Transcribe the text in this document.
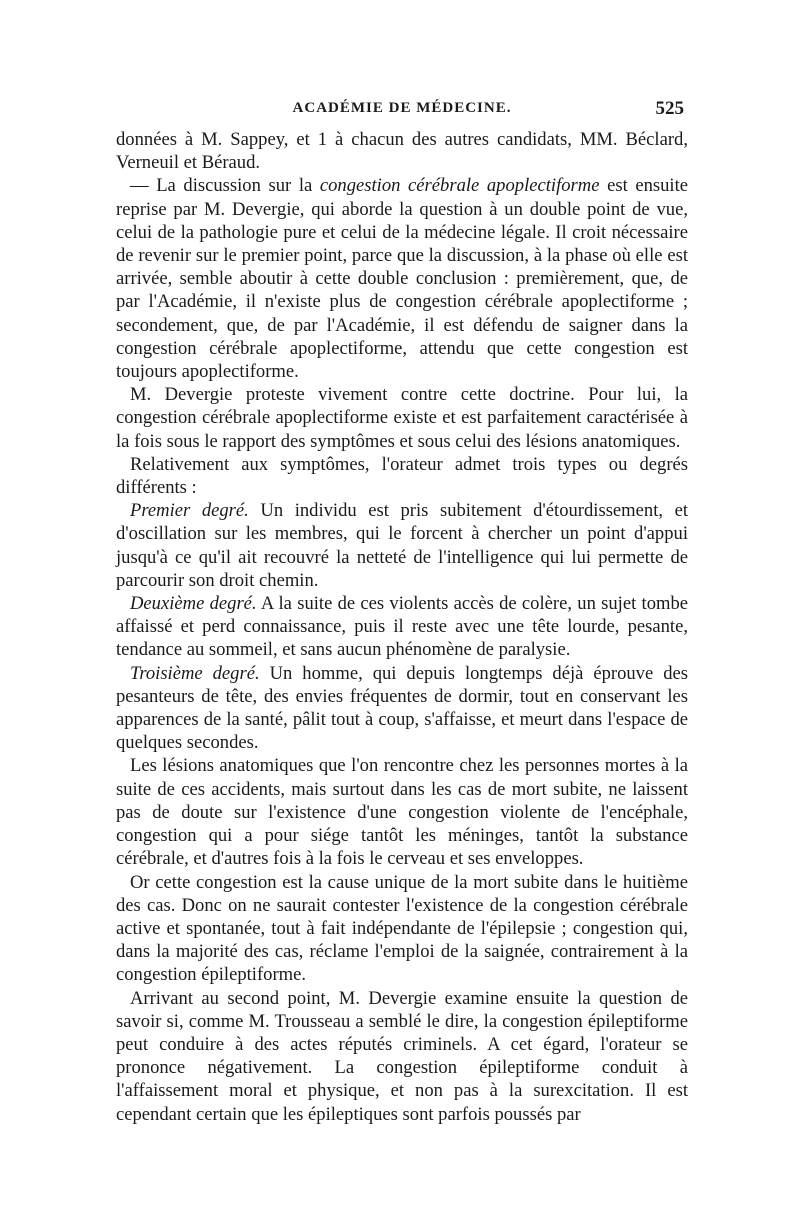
ACADÉMIE DE MÉDECINE.	525

données à M. Sappey, et 1 à chacun des autres candidats, MM. Béclard, Verneuil et Béraud.

— La discussion sur la congestion cérébrale apoplectiforme est ensuite reprise par M. Devergie, qui aborde la question à un double point de vue, celui de la pathologie pure et celui de la médecine légale. Il croit nécessaire de revenir sur le premier point, parce que la discussion, à la phase où elle est arrivée, semble aboutir à cette double conclusion : premièrement, que, de par l'Académie, il n'existe plus de congestion cérébrale apoplectiforme ; secondement, que, de par l'Académie, il est défendu de saigner dans la congestion cérébrale apoplectiforme, attendu que cette congestion est toujours apoplectiforme.

M. Devergie proteste vivement contre cette doctrine. Pour lui, la congestion cérébrale apoplectiforme existe et est parfaitement caractérisée à la fois sous le rapport des symptômes et sous celui des lésions anatomiques.

Relativement aux symptômes, l'orateur admet trois types ou degrés différents :

Premier degré. Un individu est pris subitement d'étourdissement, et d'oscillation sur les membres, qui le forcent à chercher un point d'appui jusqu'à ce qu'il ait recouvré la netteté de l'intelligence qui lui permette de parcourir son droit chemin.

Deuxième degré. A la suite de ces violents accès de colère, un sujet tombe affaissé et perd connaissance, puis il reste avec une tête lourde, pesante, tendance au sommeil, et sans aucun phénomène de paralysie.

Troisième degré. Un homme, qui depuis longtemps déjà éprouve des pesanteurs de tête, des envies fréquentes de dormir, tout en conservant les apparences de la santé, pâlit tout à coup, s'affaisse, et meurt dans l'espace de quelques secondes.

Les lésions anatomiques que l'on rencontre chez les personnes mortes à la suite de ces accidents, mais surtout dans les cas de mort subite, ne laissent pas de doute sur l'existence d'une congestion violente de l'encéphale, congestion qui a pour siége tantôt les méninges, tantôt la substance cérébrale, et d'autres fois à la fois le cerveau et ses enveloppes.

Or cette congestion est la cause unique de la mort subite dans le huitième des cas. Donc on ne saurait contester l'existence de la congestion cérébrale active et spontanée, tout à fait indépendante de l'épilepsie ; congestion qui, dans la majorité des cas, réclame l'emploi de la saignée, contrairement à la congestion épileptiforme.

Arrivant au second point, M. Devergie examine ensuite la question de savoir si, comme M. Trousseau a semblé le dire, la congestion épileptiforme peut conduire à des actes réputés criminels. A cet égard, l'orateur se prononce négativement. La congestion épileptiforme conduit à l'affaissement moral et physique, et non pas à la surexcitation. Il est cependant certain que les épileptiques sont parfois poussés par
